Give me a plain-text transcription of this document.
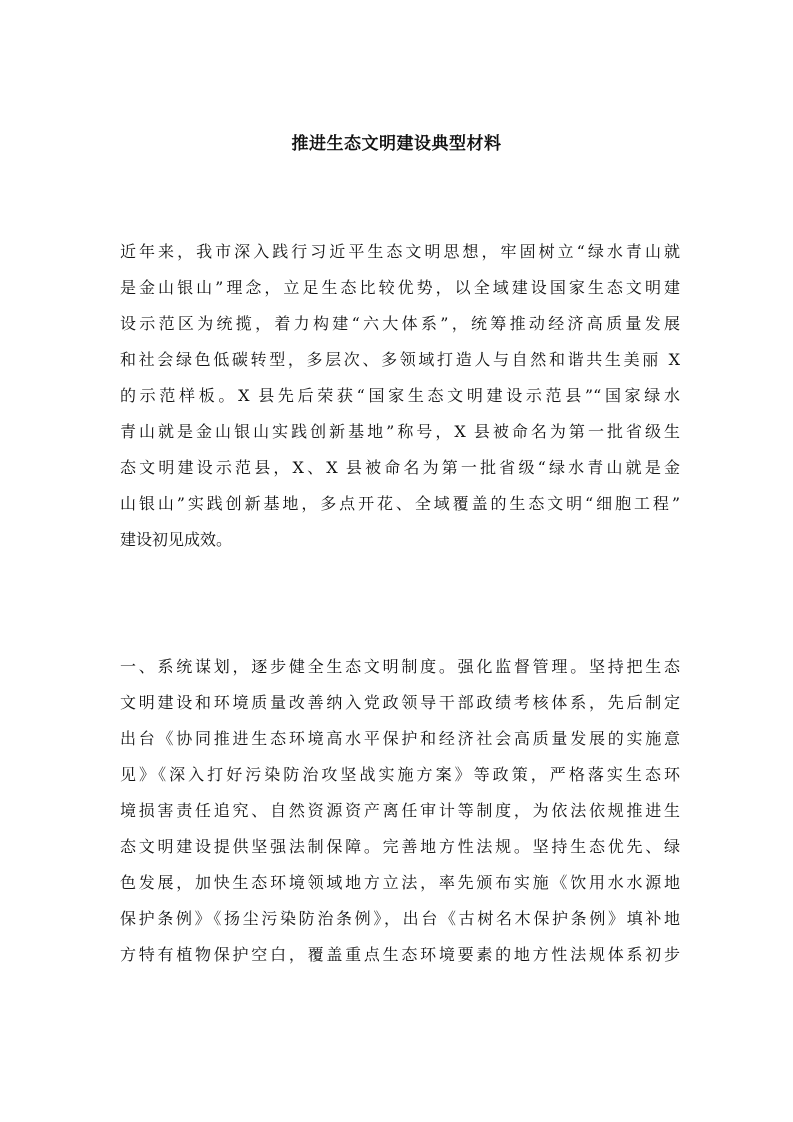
推进生态文明建设典型材料
近年来，我市深入践行习近平生态文明思想，牢固树立“绿水青山就
是金山银山”理念，立足生态比较优势，以全域建设国家生态文明建
设示范区为统揽，着力构建“六大体系”，统筹推动经济高质量发展
和社会绿色低碳转型，多层次、多领域打造人与自然和谐共生美丽 X
的示范样板。X 县先后荣获“国家生态文明建设示范县”“国家绿水
青山就是金山银山实践创新基地”称号，X 县被命名为第一批省级生
态文明建设示范县，X、X 县被命名为第一批省级“绿水青山就是金
山银山”实践创新基地，多点开花、全域覆盖的生态文明“细胞工程”
建设初见成效。
一、系统谋划，逐步健全生态文明制度。强化监督管理。坚持把生态
文明建设和环境质量改善纳入党政领导干部政绩考核体系，先后制定
出台《协同推进生态环境高水平保护和经济社会高质量发展的实施意
见》《深入打好污染防治攻坚战实施方案》等政策，严格落实生态环
境损害责任追究、自然资源资产离任审计等制度，为依法依规推进生
态文明建设提供坚强法制保障。完善地方性法规。坚持生态优先、绿
色发展，加快生态环境领域地方立法，率先颁布实施《饮用水水源地
保护条例》《扬尘污染防治条例》，出台《古树名木保护条例》填补地
方特有植物保护空白，覆盖重点生态环境要素的地方性法规体系初步
